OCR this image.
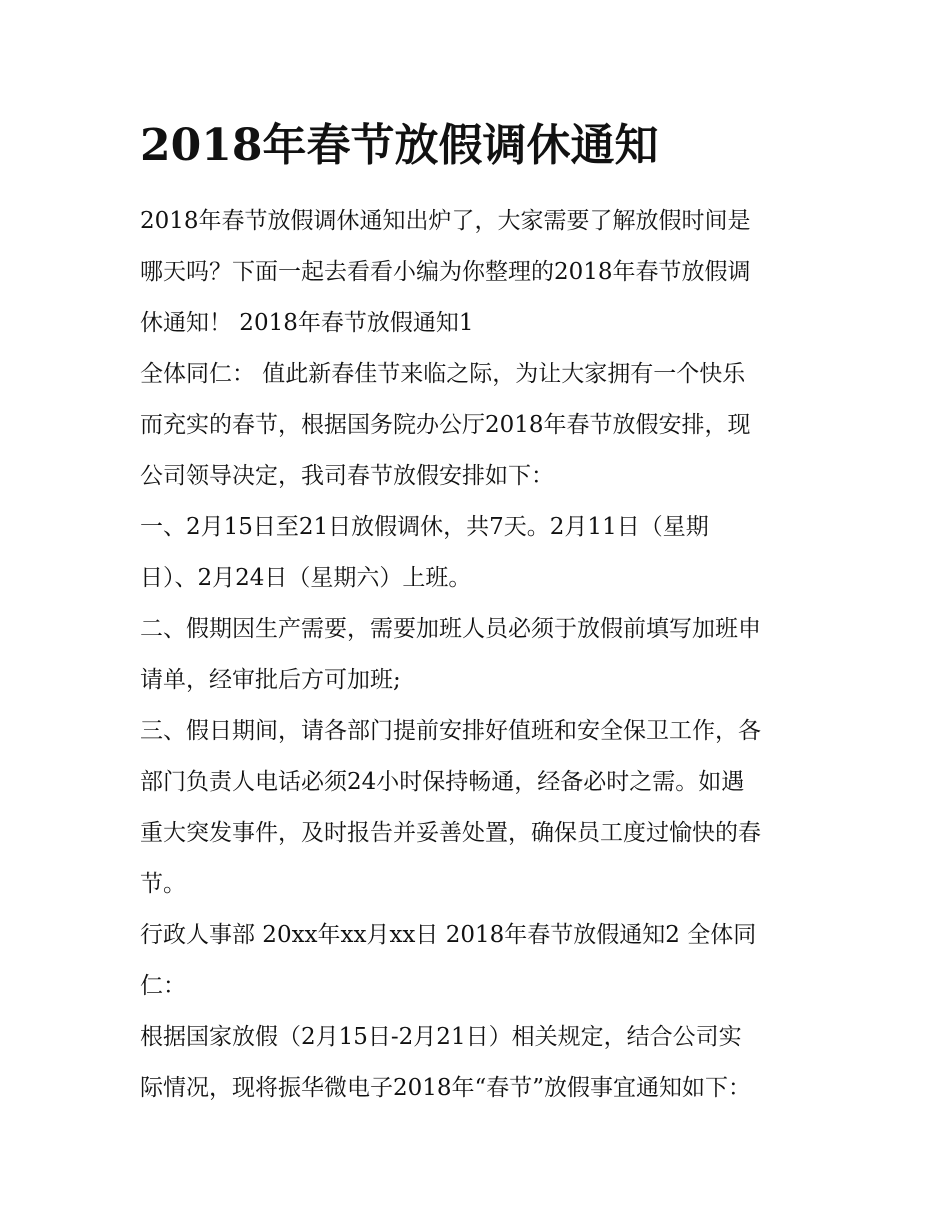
2018年春节放假调休通知
2018年春节放假调休通知出炉了，大家需要了解放假时间是
哪天吗？下面一起去看看小编为你整理的2018年春节放假调
休通知！ 2018年春节放假通知1
全体同仁： 值此新春佳节来临之际，为让大家拥有一个快乐
而充实的春节，根据国务院办公厅2018年春节放假安排，现
公司领导决定，我司春节放假安排如下：
一、2月15日至21日放假调休，共7天。2月11日（星期
日）、2月24日（星期六）上班。
二、假期因生产需要，需要加班人员必须于放假前填写加班申
请单，经审批后方可加班;
三、假日期间，请各部门提前安排好值班和安全保卫工作，各
部门负责人电话必须24小时保持畅通，经备必时之需。如遇
重大突发事件，及时报告并妥善处置，确保员工度过愉快的春
节。
行政人事部 20xx年xx月xx日 2018年春节放假通知2 全体同
仁：
根据国家放假（2月15日-2月21日）相关规定，结合公司实
际情况，现将振华微电子2018年“春节”放假事宜通知如下：
